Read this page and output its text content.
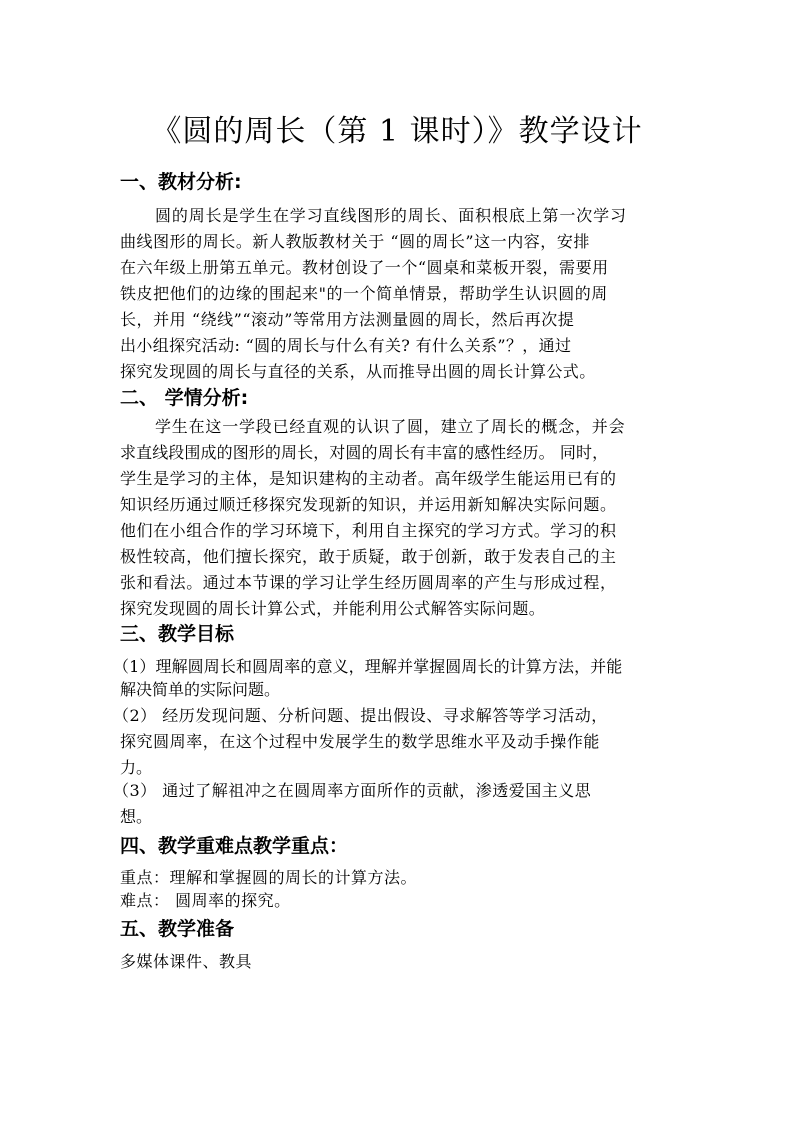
《圆的周长（第 1 课时）》教学设计
一、教材分析:
圆的周长是学生在学习直线图形的周长、面积根底上第一次学习
曲线图形的周长。新人教版教材关于 “圆的周长”这一内容，安排
在六年级上册第五单元。教材创设了一个“圆桌和菜板开裂，需要用
铁皮把他们的边缘的围起来"的一个简单情景，帮助学生认识圆的周
长，并用 “绕线”“滚动”等常用方法测量圆的周长，然后再次提
出小组探究活动: “圆的周长与什么有关? 有什么关系”？，通过
探究发现圆的周长与直径的关系，从而推导出圆的周长计算公式。
二、 学情分析:
学生在这一学段已经直观的认识了圆，建立了周长的概念，并会
求直线段围成的图形的周长，对圆的周长有丰富的感性经历。 同时，
学生是学习的主体，是知识建构的主动者。高年级学生能运用已有的
知识经历通过顺迁移探究发现新的知识，并运用新知解决实际问题。
他们在小组合作的学习环境下，利用自主探究的学习方式。学习的积
极性较高，他们擅长探究，敢于质疑，敢于创新，敢于发表自己的主
张和看法。通过本节课的学习让学生经历圆周率的产生与形成过程，
探究发现圆的周长计算公式，并能利用公式解答实际问题。
三、教学目标
（1）理解圆周长和圆周率的意义，理解并掌握圆周长的计算方法，并能
解决简单的实际问题。
（2） 经历发现问题、分析问题、提出假设、寻求解答等学习活动，
探究圆周率，在这个过程中发展学生的数学思维水平及动手操作能
力。
（3） 通过了解祖冲之在圆周率方面所作的贡献，渗透爱国主义思
想。
四、教学重难点教学重点：
重点：理解和掌握圆的周长的计算方法。
难点： 圆周率的探究。
五、教学准备
多媒体课件、教具
